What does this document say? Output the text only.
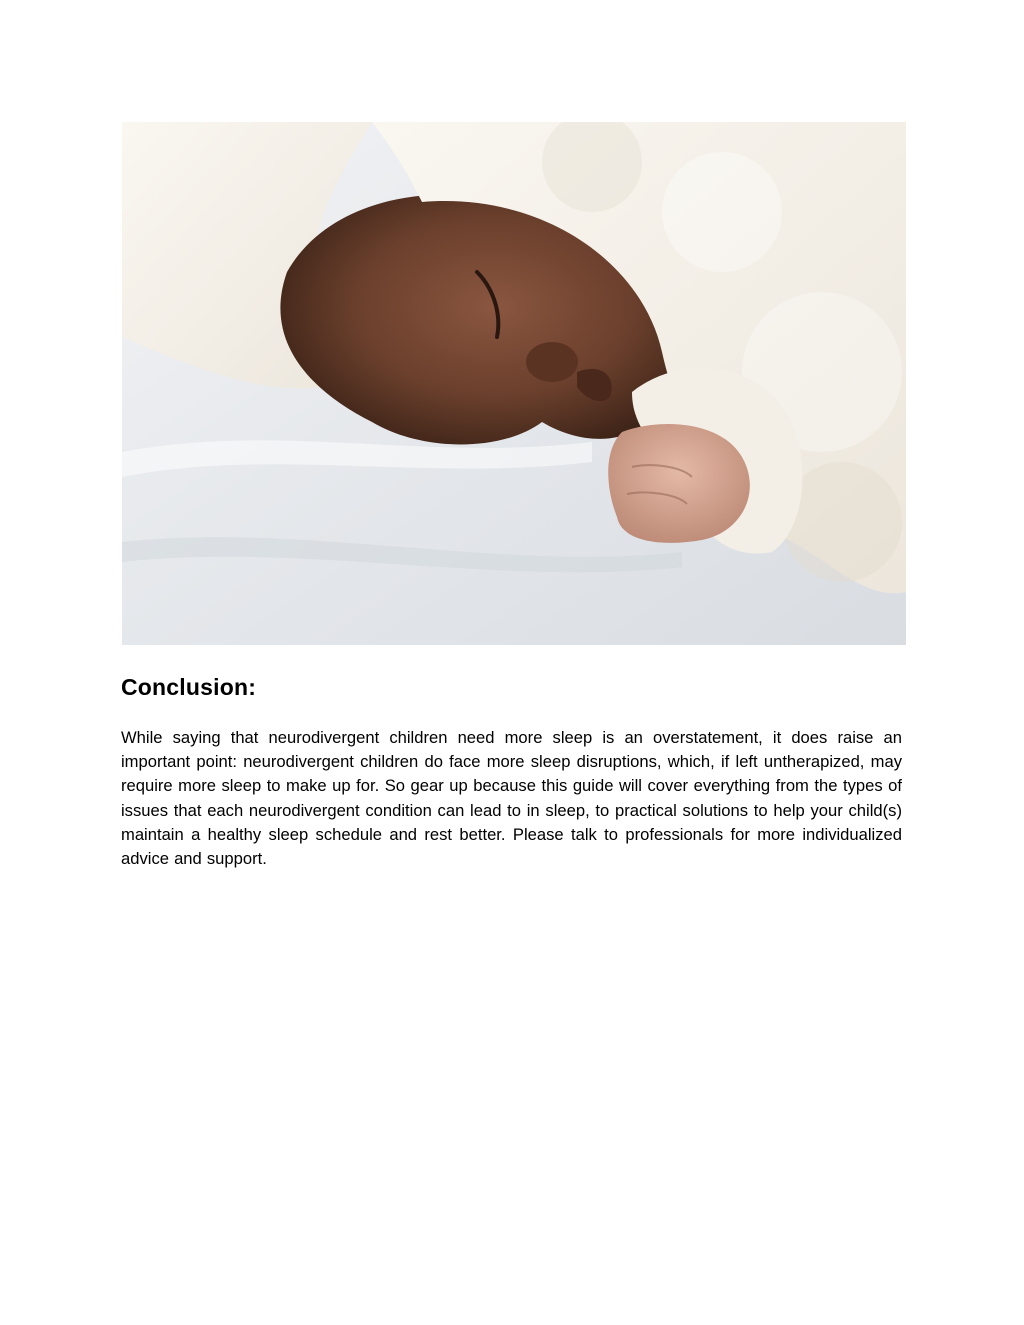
Conclusion:

While saying that neurodivergent children need more sleep is an overstatement, it does raise an important point: neurodivergent children do face more sleep disruptions, which, if left untherapized, may require more sleep to make up for. So gear up because this guide will cover everything from the types of issues that each neurodivergent condition can lead to in sleep, to practical solutions to help your child(s) maintain a healthy sleep schedule and rest better. Please talk to professionals for more individualized advice and support.
